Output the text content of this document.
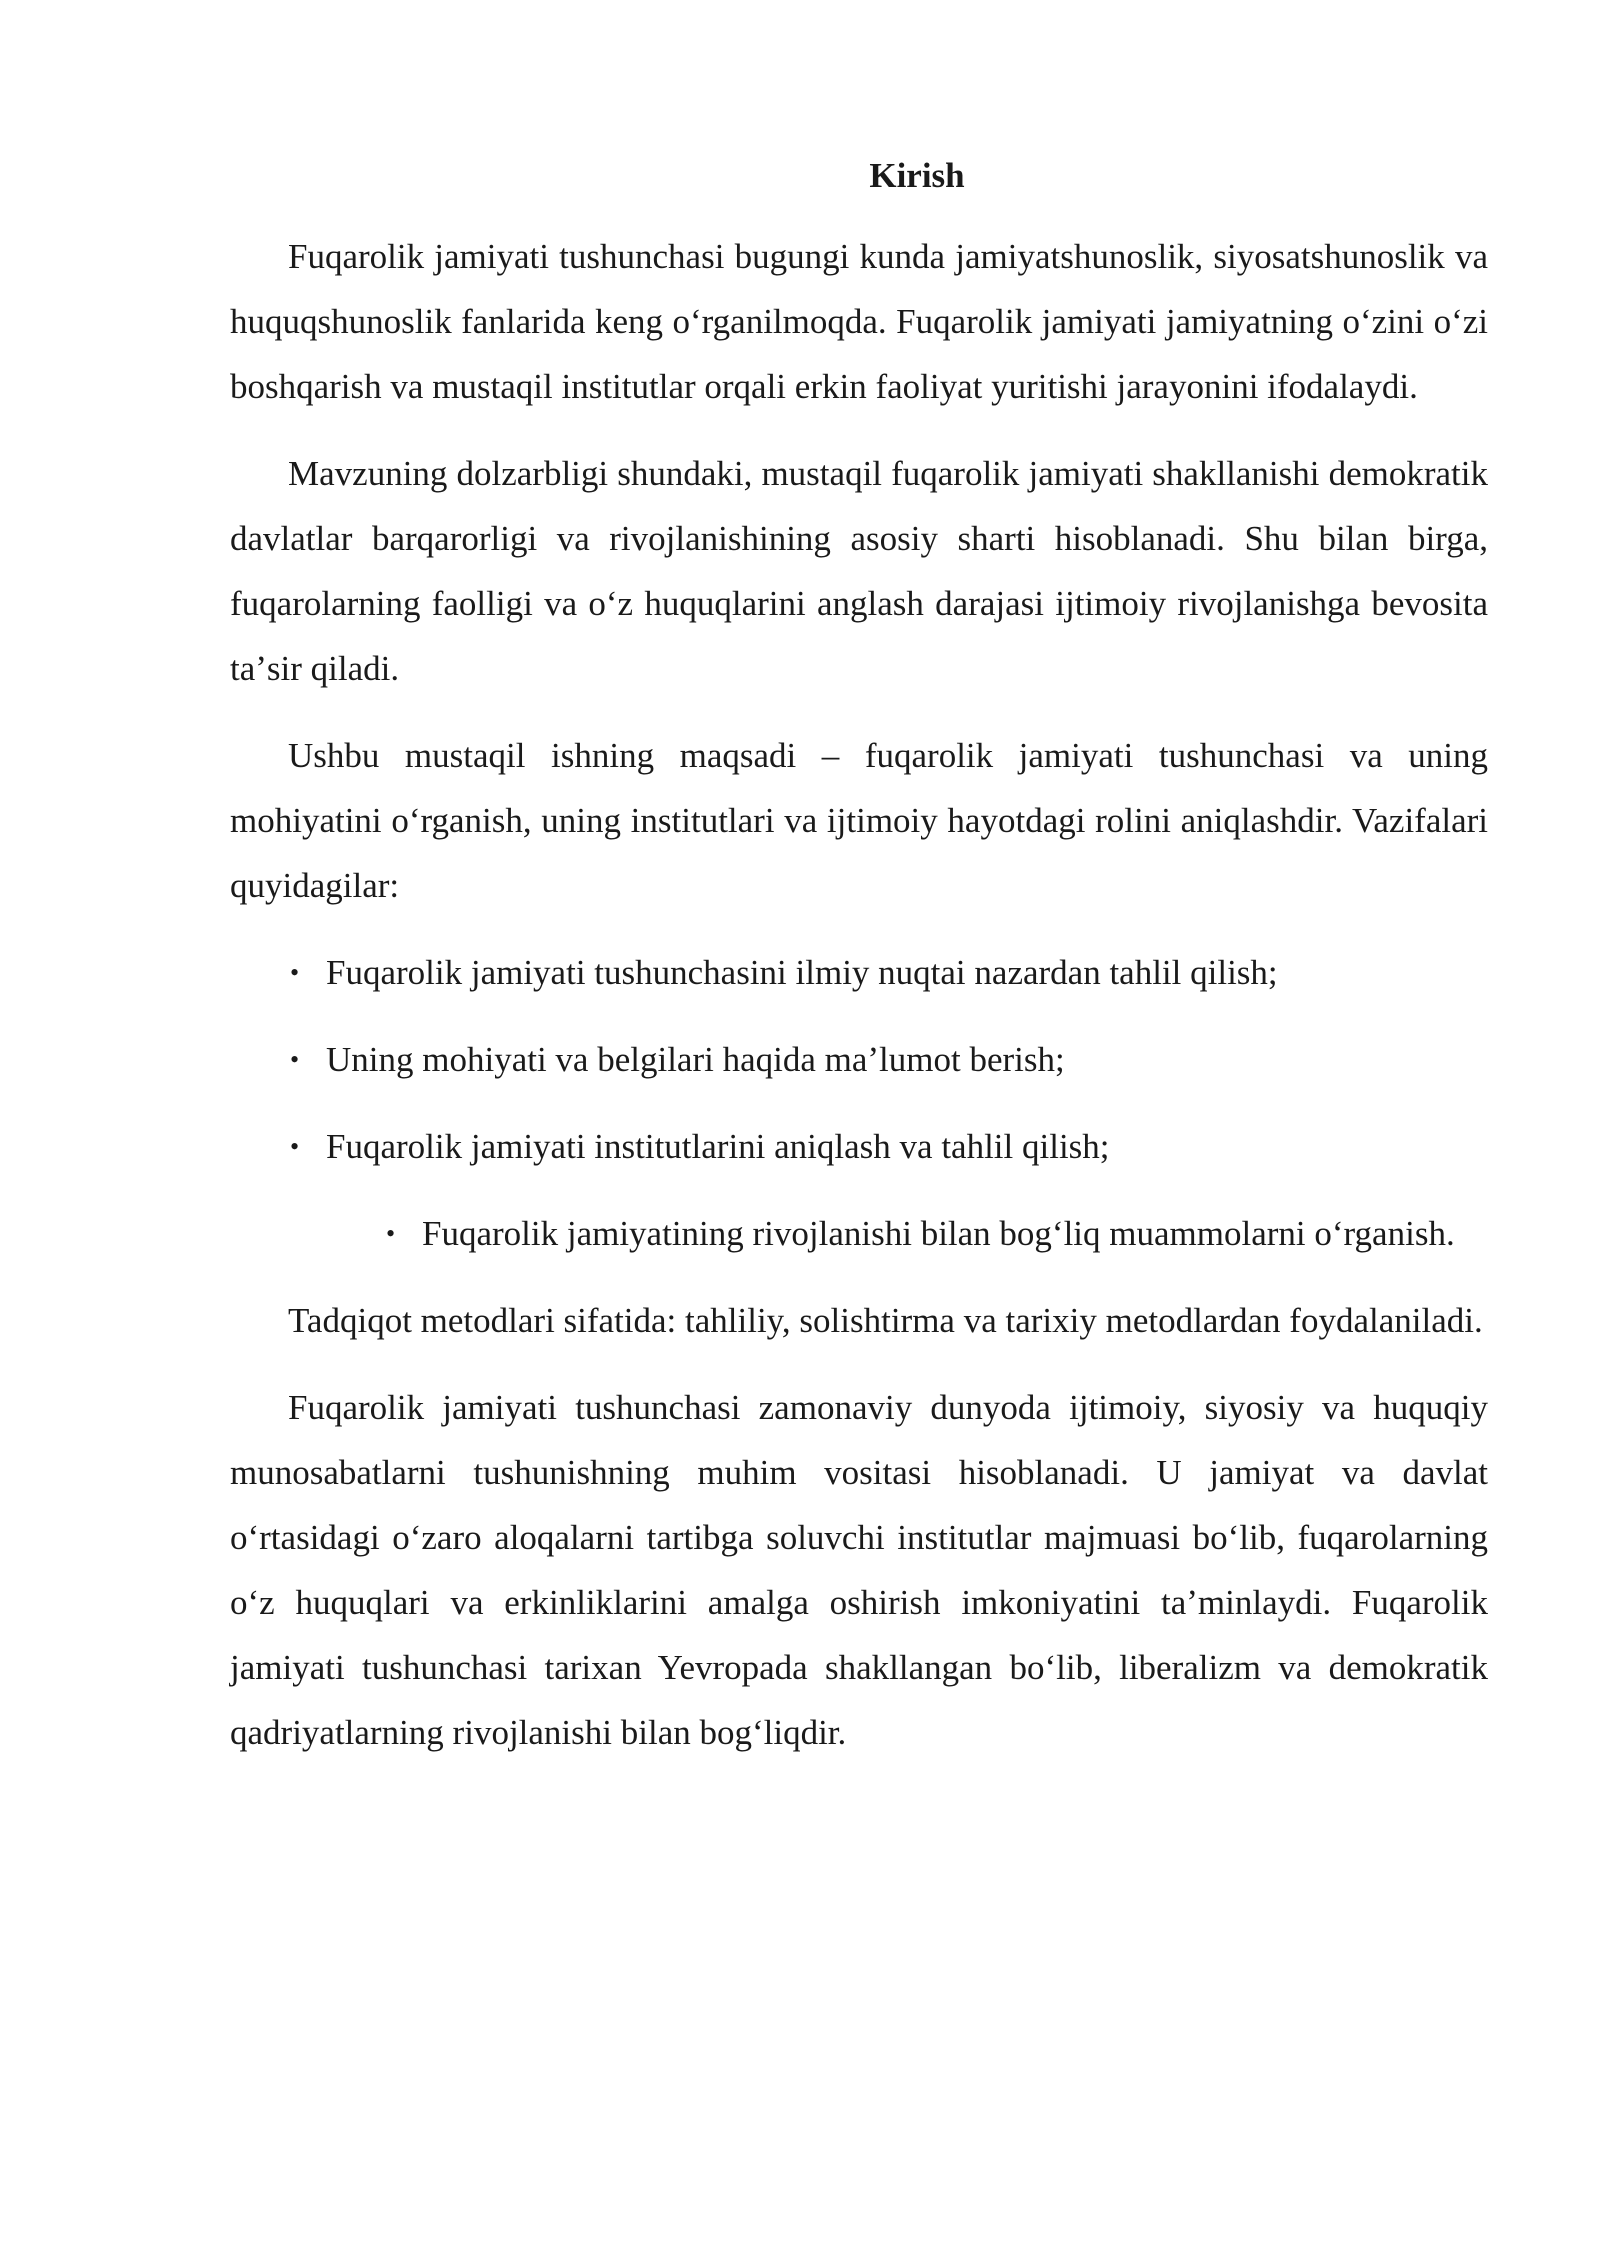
Kirish

Fuqarolik jamiyati tushunchasi bugungi kunda jamiyatshunoslik, siyosatshunoslik va huquqshunoslik fanlarida keng oʻrganilmoqda. Fuqarolik jamiyati jamiyatning oʻzini oʻzi boshqarish va mustaqil institutlar orqali erkin faoliyat yuritishi jarayonini ifodalaydi.

Mavzuning dolzarbligi shundaki, mustaqil fuqarolik jamiyati shakllanishi demokratik davlatlar barqarorligi va rivojlanishining asosiy sharti hisoblanadi. Shu bilan birga, fuqarolarning faolligi va oʻz huquqlarini anglash darajasi ijtimoiy rivojlanishga bevosita taʼsir qiladi.

Ushbu mustaqil ishning maqsadi – fuqarolik jamiyati tushunchasi va uning mohiyatini oʻrganish, uning institutlari va ijtimoiy hayotdagi rolini aniqlashdir. Vazifalari quyidagilar:

• Fuqarolik jamiyati tushunchasini ilmiy nuqtai nazardan tahlil qilish;
• Uning mohiyati va belgilari haqida maʼlumot berish;
• Fuqarolik jamiyati institutlarini aniqlash va tahlil qilish;
• Fuqarolik jamiyatining rivojlanishi bilan bogʻliq muammolarni oʻrganish.

Tadqiqot metodlari sifatida: tahliliy, solishtirma va tarixiy metodlardan foydalaniladi.

Fuqarolik jamiyati tushunchasi zamonaviy dunyoda ijtimoiy, siyosiy va huquqiy munosabatlarni tushunishning muhim vositasi hisoblanadi. U jamiyat va davlat oʻrtasidagi oʻzaro aloqalarni tartibga soluvchi institutlar majmuasi boʻlib, fuqarolarning oʻz huquqlari va erkinliklarini amalga oshirish imkoniyatini taʼminlaydi. Fuqarolik jamiyati tushunchasi tarixan Yevropada shakllangan boʻlib, liberalizm va demokratik qadriyatlarning rivojlanishi bilan bogʻliqdir.
